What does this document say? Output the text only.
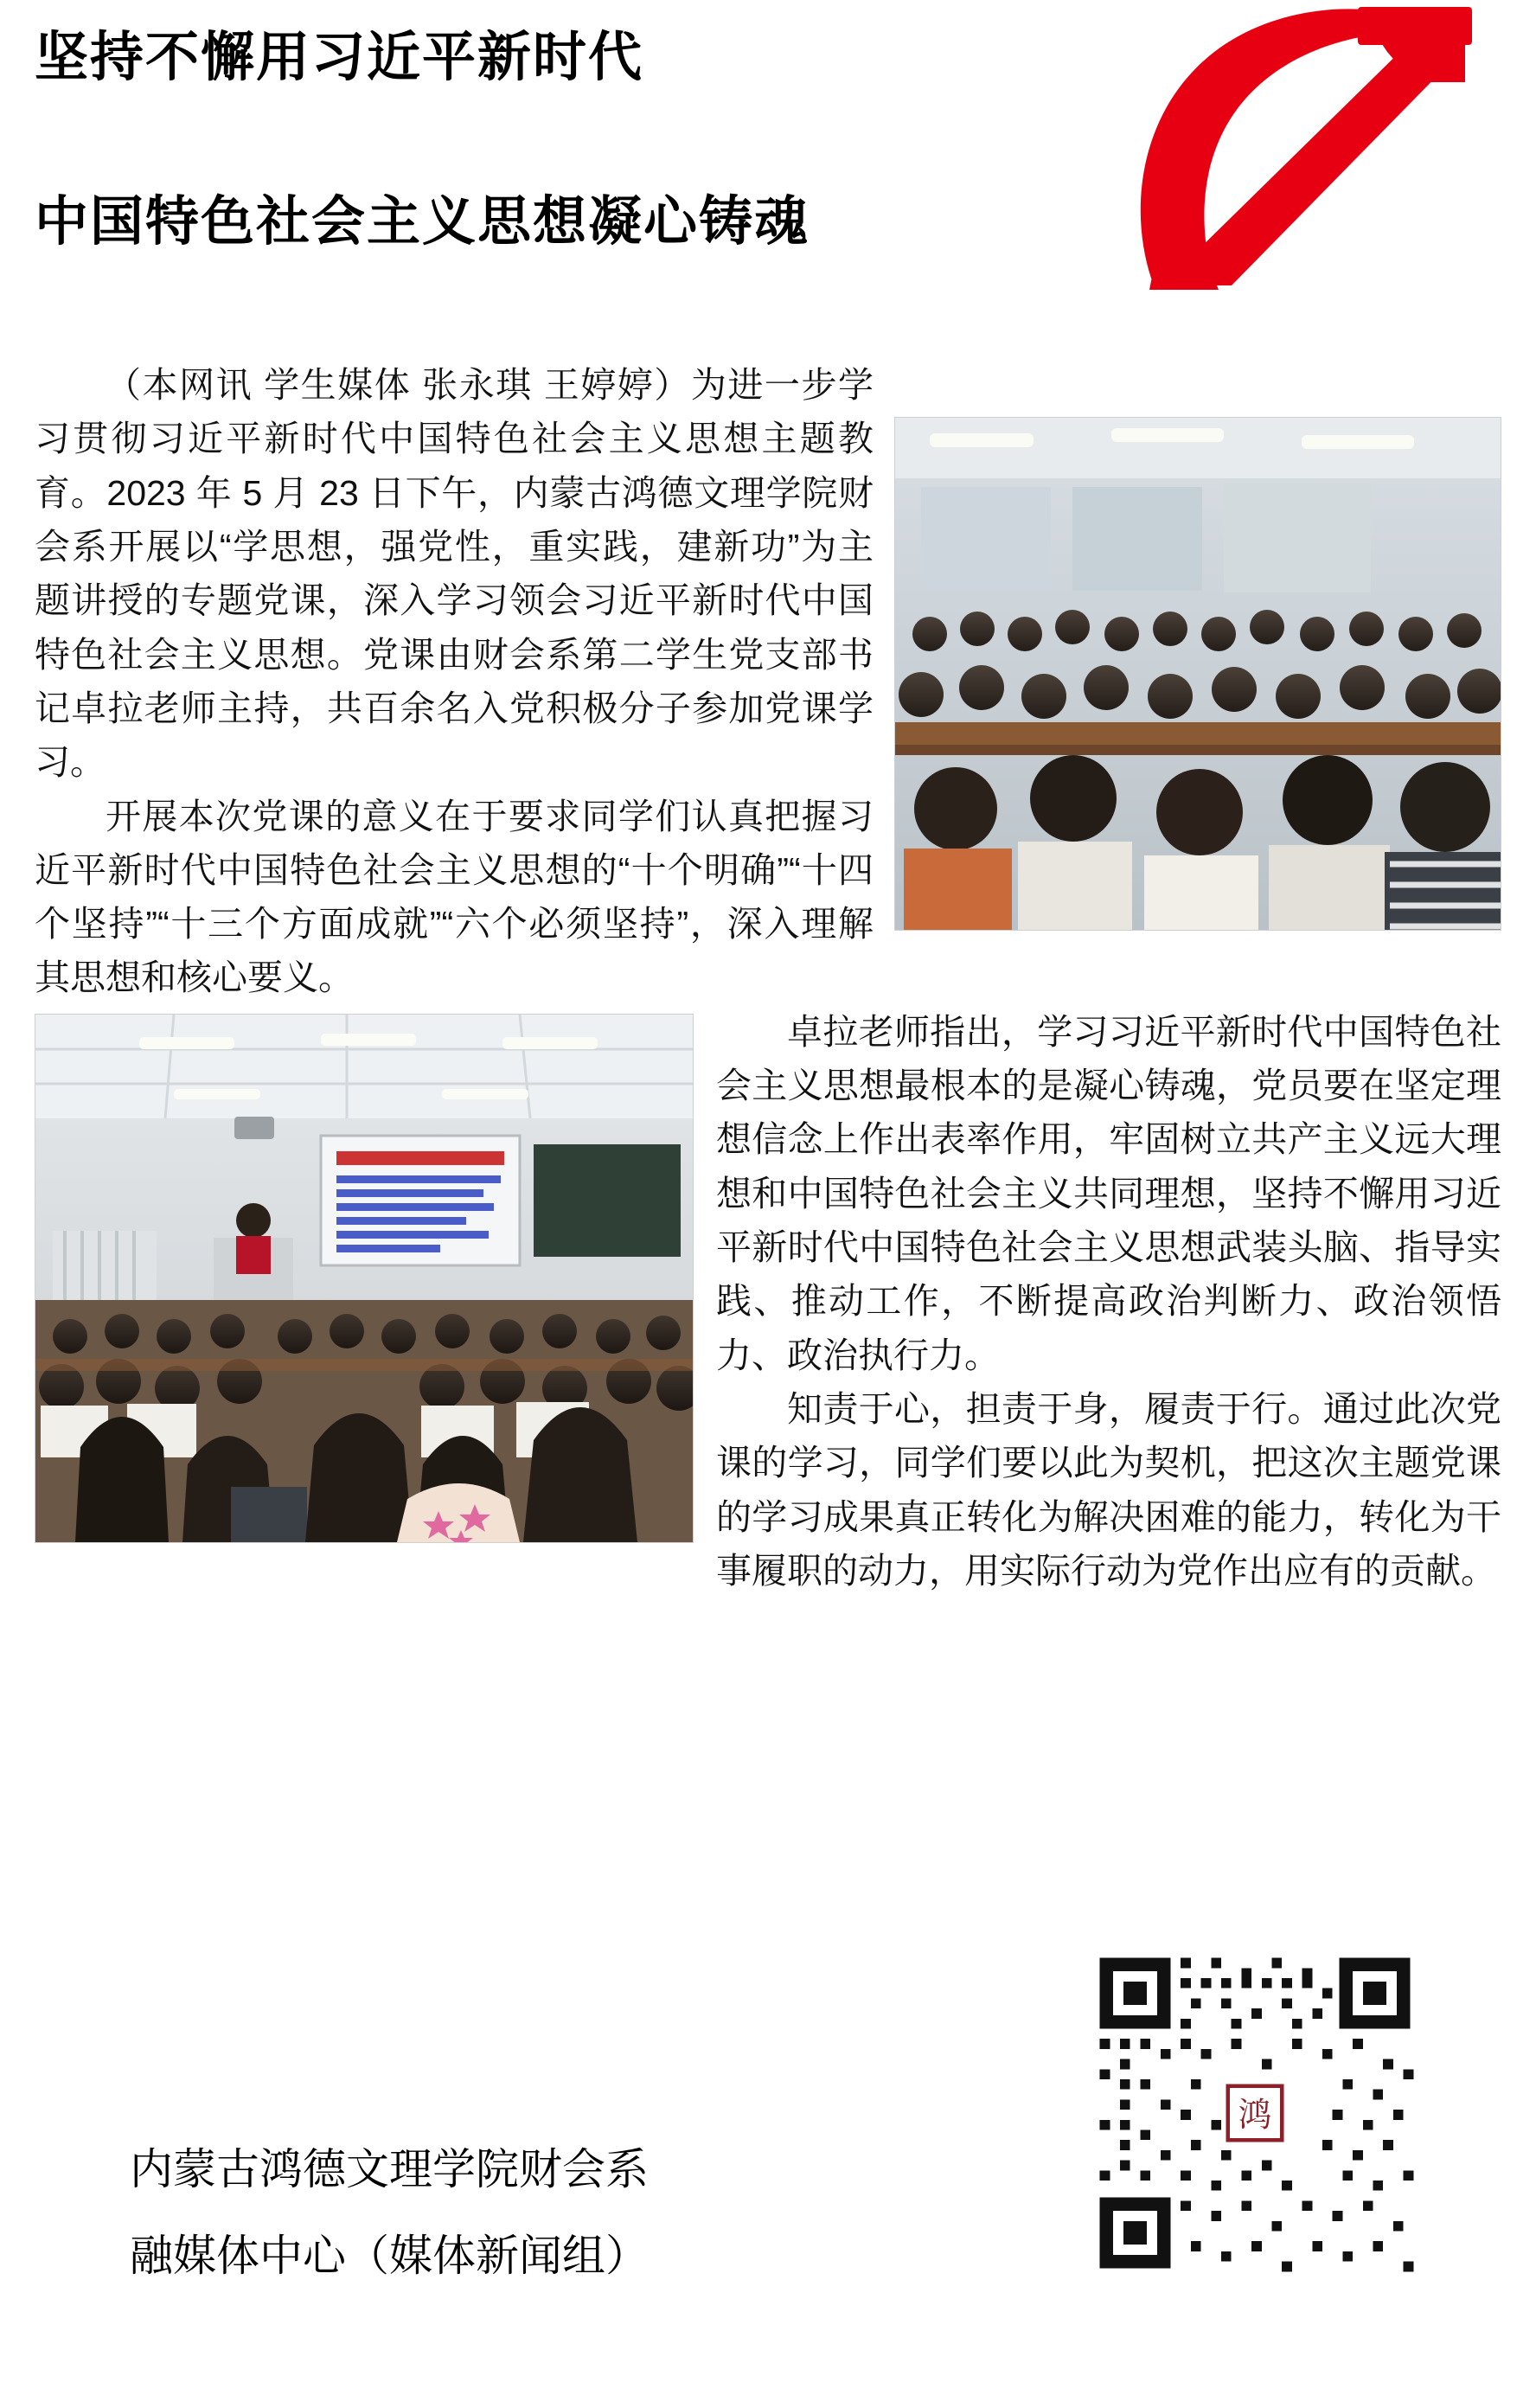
坚持不懈用习近平新时代
中国特色社会主义思想凝心铸魂

（本网讯 学生媒体 张永琪 王婷婷）为进一步学习贯彻习近平新时代中国特色社会主义思想主题教育。2023 年 5 月 23 日下午，内蒙古鸿德文理学院财会系开展以“学思想，强党性，重实践，建新功”为主题讲授的专题党课，深入学习领会习近平新时代中国特色社会主义思想。党课由财会系第二学生党支部书记卓拉老师主持，共百余名入党积极分子参加党课学习。

开展本次党课的意义在于要求同学们认真把握习近平新时代中国特色社会主义思想的“十个明确”“十四个坚持”“十三个方面成就”“六个必须坚持”，深入理解其思想和核心要义。

卓拉老师指出，学习习近平新时代中国特色社会主义思想最根本的是凝心铸魂，党员要在坚定理想信念上作出表率作用，牢固树立共产主义远大理想和中国特色社会主义共同理想，坚持不懈用习近平新时代中国特色社会主义思想武装头脑、指导实践、推动工作，不断提高政治判断力、政治领悟力、政治执行力。

知责于心，担责于身，履责于行。通过此次党课的学习，同学们要以此为契机，把这次主题党课的学习成果真正转化为解决困难的能力，转化为干事履职的动力，用实际行动为党作出应有的贡献。

内蒙古鸿德文理学院财会系
融媒体中心（媒体新闻组）
鸿
